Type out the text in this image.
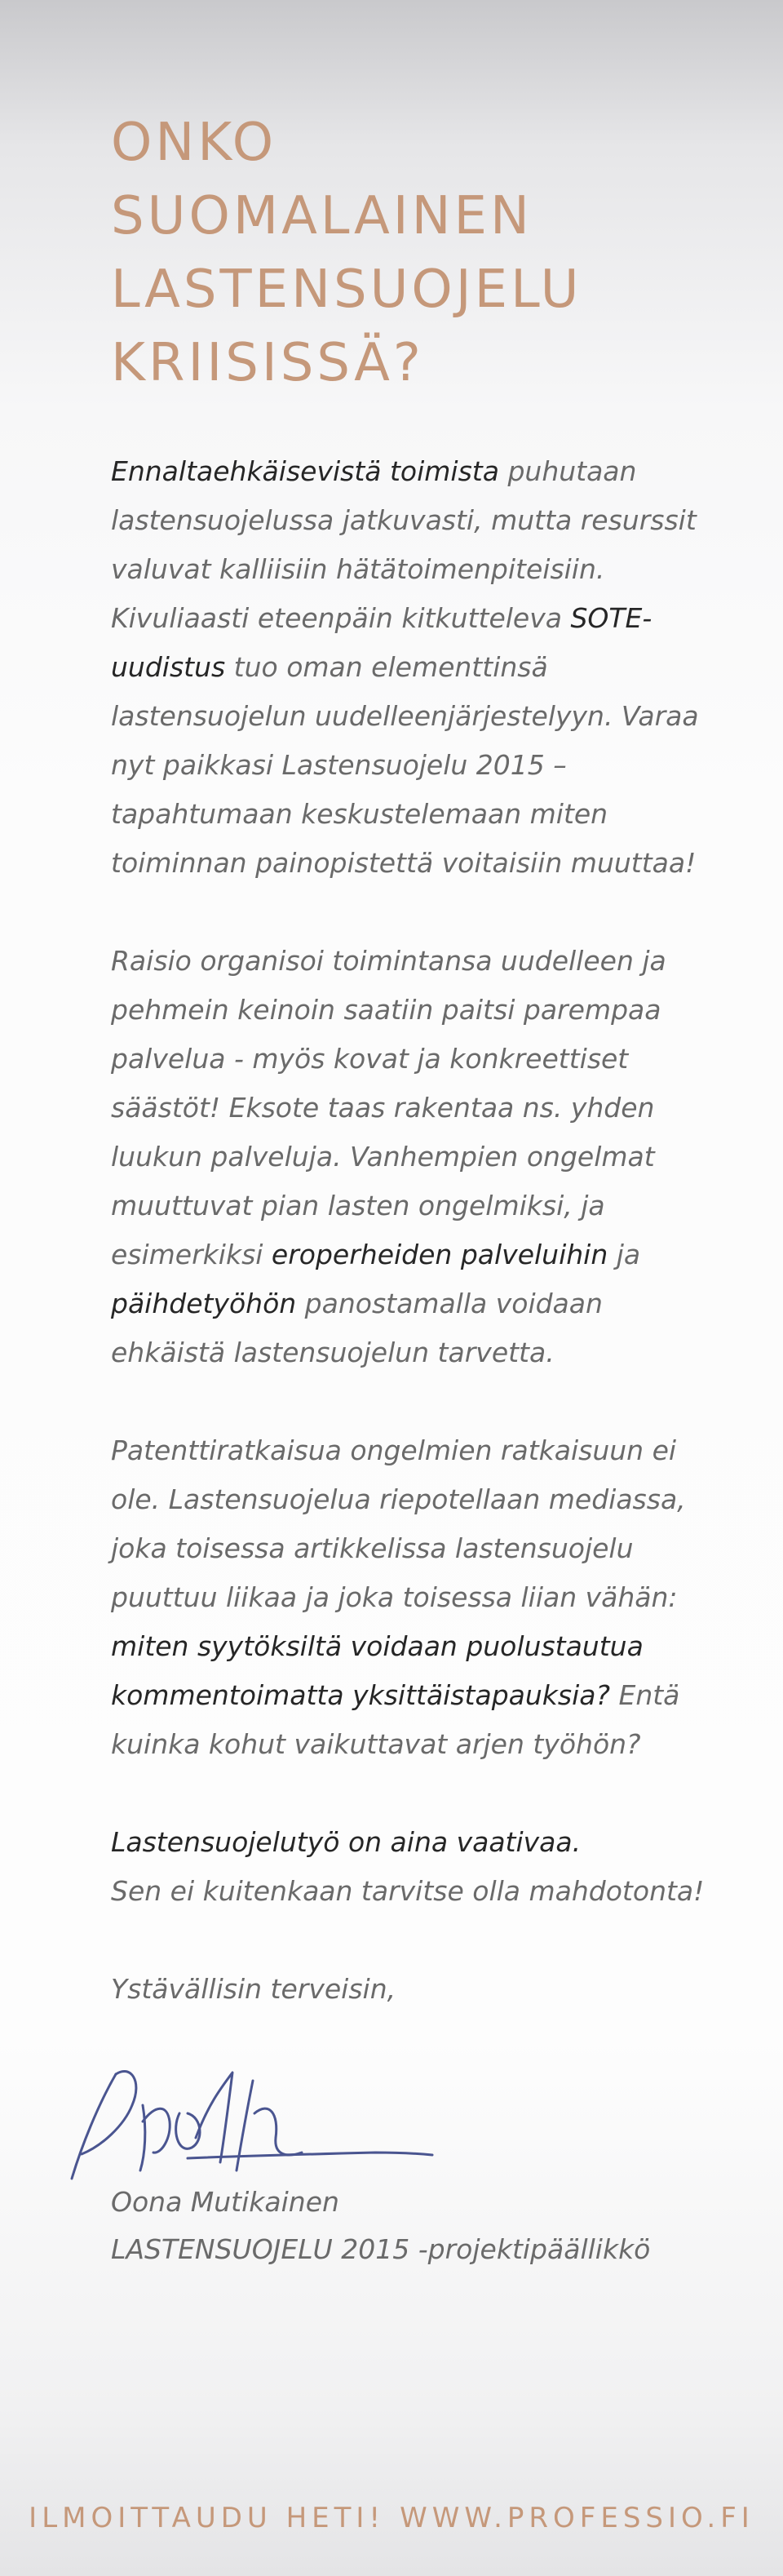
ONKO
SUOMALAINEN
LASTENSUOJELU
KRIISISSÄ?

Ennaltaehkäisevistä toimista puhutaan lastensuojelussa jatkuvasti, mutta resurssit valuvat kalliisiin hätätoimenpiteisiin. Kivuliaasti eteenpäin kitkutteleva SOTE-uudistus tuo oman elementtinsä lastensuojelun uudelleenjärjestelyyn. Varaa nyt paikkasi Lastensuojelu 2015 –tapahtumaan keskustelemaan miten toiminnan painopistettä voitaisiin muuttaa!

Raisio organisoi toimintansa uudelleen ja pehmein keinoin saatiin paitsi parempaa palvelua - myös kovat ja konkreettiset säästöt! Eksote taas rakentaa ns. yhden luukun palveluja. Vanhempien ongelmat muuttuvat pian lasten ongelmiksi, ja esimerkiksi eroperheiden palveluihin ja päihdetyöhön panostamalla voidaan ehkäistä lastensuojelun tarvetta.

Patenttiratkaisua ongelmien ratkaisuun ei ole. Lastensuojelua riepotellaan mediassa, joka toisessa artikkelissa lastensuojelu puuttuu liikaa ja joka toisessa liian vähän: miten syytöksiltä voidaan puolustautua kommentoimatta yksittäistapauksia? Entä kuinka kohut vaikuttavat arjen työhön?

Lastensuojelutyö on aina vaativaa.
Sen ei kuitenkaan tarvitse olla mahdotonta!

Ystävällisin terveisin,

Oona Mutikainen

LASTENSUOJELU 2015 -projektipäällikkö

ILMOITTAUDU HETI! WWW.PROFESSIO.FI
